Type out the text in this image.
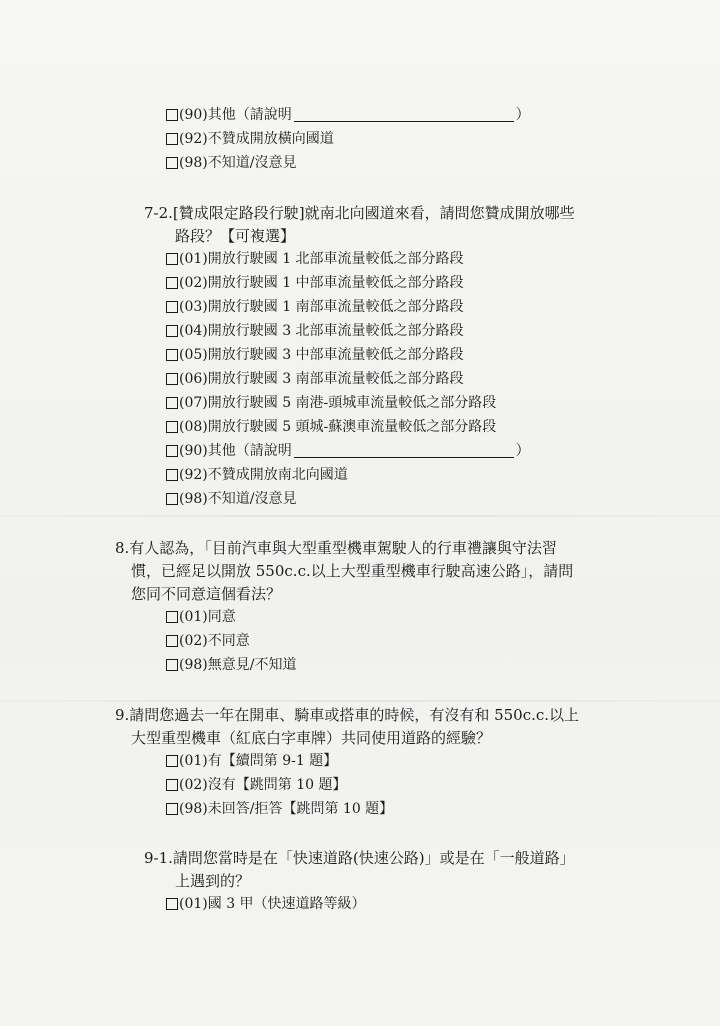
(90) 其他（請說明	）
(92) 不贊成開放橫向國道
(98) 不知道/沒意見
7-2.[贊成限定路段行駛]就南北向國道來看，請問您贊成開放哪些
路段？【可複選】
(01) 開放行駛國 1 北部車流量較低之部分路段
(02) 開放行駛國 1 中部車流量較低之部分路段
(03) 開放行駛國 1 南部車流量較低之部分路段
(04) 開放行駛國 3 北部車流量較低之部分路段
(05) 開放行駛國 3 中部車流量較低之部分路段
(06) 開放行駛國 3 南部車流量較低之部分路段
(07) 開放行駛國 5 南港-頭城車流量較低之部分路段
(08) 開放行駛國 5 頭城-蘇澳車流量較低之部分路段
(90) 其他（請說明	）
(92) 不贊成開放南北向國道
(98) 不知道/沒意見
8.有人認為，「目前汽車與大型重型機車駕駛人的行車禮讓與守法習
慣，已經足以開放 550c.c.以上大型重型機車行駛高速公路」，請問
您同不同意這個看法？
(01) 同意
(02) 不同意
(98) 無意見/不知道
9.請問您過去一年在開車、騎車或搭車的時候，有沒有和 550c.c.以上
大型重型機車（紅底白字車牌）共同使用道路的經驗？
(01) 有【續問第 9-1 題】
(02) 沒有【跳問第 10 題】
(98) 未回答/拒答【跳問第 10 題】
9-1.請問您當時是在「快速道路(快速公路)」或是在「一般道路」
上遇到的？
(01) 國 3 甲（快速道路等級）
